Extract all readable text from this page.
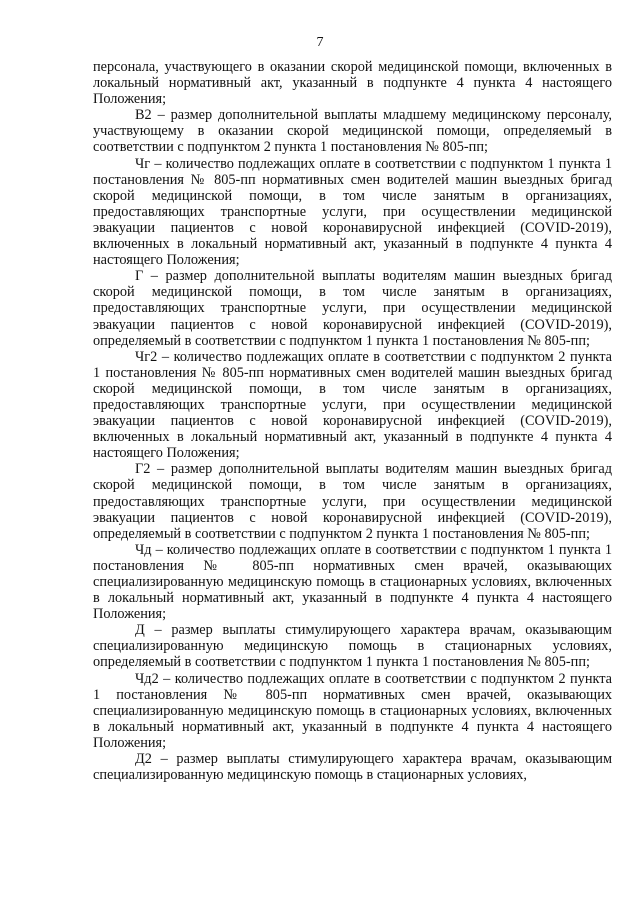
7

персонала, участвующего в оказании скорой медицинской помощи, включенных в локальный нормативный акт, указанный в подпункте 4 пункта 4 настоящего Положения;

В2 – размер дополнительной выплаты младшему медицинскому персоналу, участвующему в оказании скорой медицинской помощи, определяемый в соответствии с подпунктом 2 пункта 1 постановления № 805-пп;

Чг – количество подлежащих оплате в соответствии с подпунктом 1 пункта 1 постановления № 805-пп нормативных смен водителей машин выездных бригад скорой медицинской помощи, в том числе занятым в организациях, предоставляющих транспортные услуги, при осуществлении медицинской эвакуации пациентов с новой коронавирусной инфекцией (COVID-2019), включенных в локальный нормативный акт, указанный в подпункте 4 пункта 4 настоящего Положения;

Г – размер дополнительной выплаты водителям машин выездных бригад скорой медицинской помощи, в том числе занятым в организациях, предоставляющих транспортные услуги, при осуществлении медицинской эвакуации пациентов с новой коронавирусной инфекцией (COVID-2019), определяемый в соответствии с подпунктом 1 пункта 1 постановления № 805-пп;

Чг2 – количество подлежащих оплате в соответствии с подпунктом 2 пункта 1 постановления № 805-пп нормативных смен водителей машин выездных бригад скорой медицинской помощи, в том числе занятым в организациях, предоставляющих транспортные услуги, при осуществлении медицинской эвакуации пациентов с новой коронавирусной инфекцией (COVID-2019), включенных в локальный нормативный акт, указанный в подпункте 4 пункта 4 настоящего Положения;

Г2 – размер дополнительной выплаты водителям машин выездных бригад скорой медицинской помощи, в том числе занятым в организациях, предоставляющих транспортные услуги, при осуществлении медицинской эвакуации пациентов с новой коронавирусной инфекцией (COVID-2019), определяемый в соответствии с подпунктом 2 пункта 1 постановления № 805-пп;

Чд – количество подлежащих оплате в соответствии с подпунктом 1 пункта 1 постановления № 805-пп нормативных смен врачей, оказывающих специализированную медицинскую помощь в стационарных условиях, включенных в локальный нормативный акт, указанный в подпункте 4 пункта 4 настоящего Положения;

Д – размер выплаты стимулирующего характера врачам, оказывающим специализированную медицинскую помощь в стационарных условиях, определяемый в соответствии с подпунктом 1 пункта 1 постановления № 805-пп;

Чд2 – количество подлежащих оплате в соответствии с подпунктом 2 пункта 1 постановления № 805-пп нормативных смен врачей, оказывающих специализированную медицинскую помощь в стационарных условиях, включенных в локальный нормативный акт, указанный в подпункте 4 пункта 4 настоящего Положения;

Д2 – размер выплаты стимулирующего характера врачам, оказывающим специализированную медицинскую помощь в стационарных условиях,
